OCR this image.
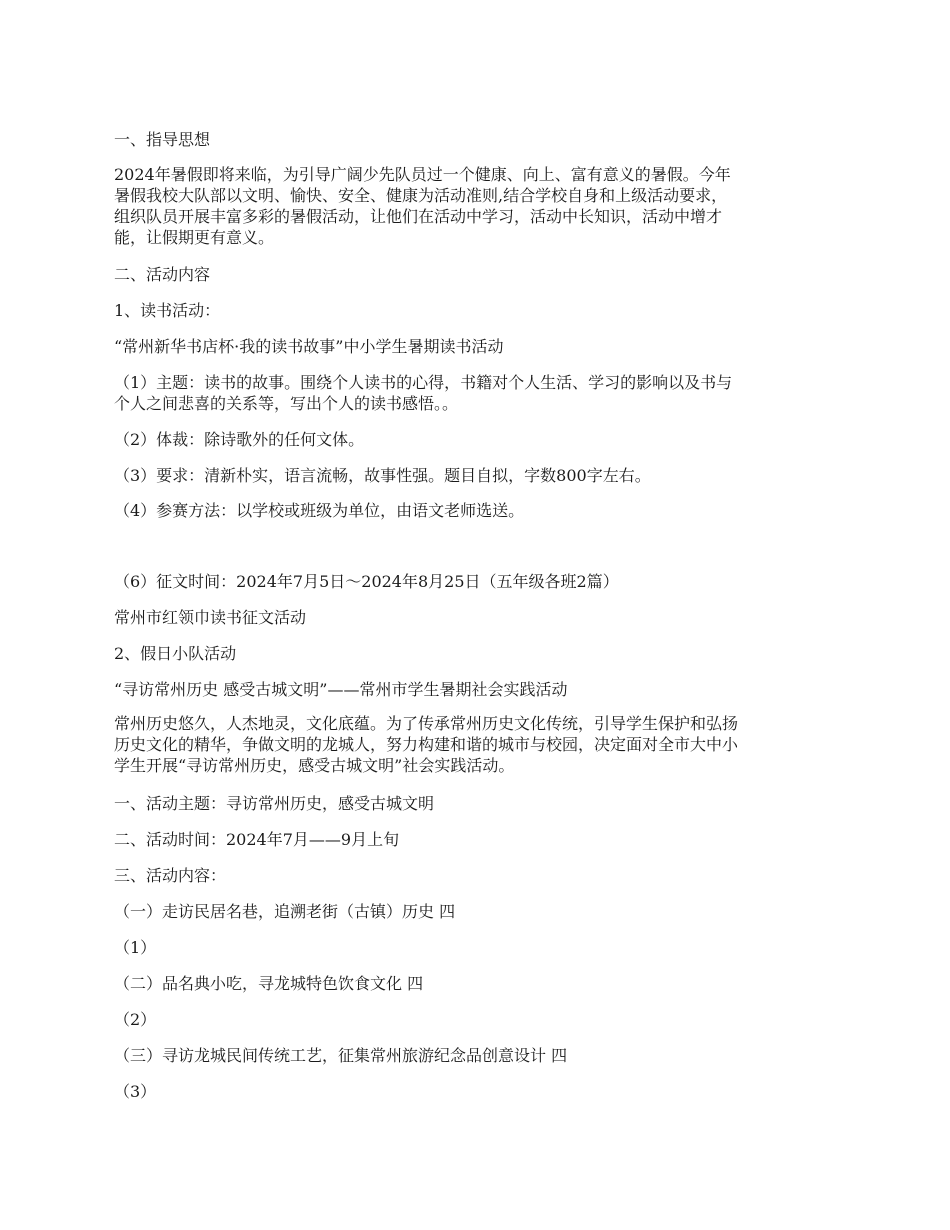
一、指导思想
2024年暑假即将来临，为引导广阔少先队员过一个健康、向上、富有意义的暑假。今年
暑假我校大队部以文明、愉快、安全、健康为活动准则,结合学校自身和上级活动要求，
组织队员开展丰富多彩的暑假活动，让他们在活动中学习，活动中长知识，活动中增才
能，让假期更有意义。
二、活动内容
1、读书活动：
“常州新华书店杯·我的读书故事”中小学生暑期读书活动
（1）主题：读书的故事。围绕个人读书的心得，书籍对个人生活、学习的影响以及书与
个人之间悲喜的关系等，写出个人的读书感悟。。
（2）体裁：除诗歌外的任何文体。
（3）要求：清新朴实，语言流畅，故事性强。题目自拟，字数800字左右。
（4）参赛方法：以学校或班级为单位，由语文老师选送。
（6）征文时间：2024年7月5日～2024年8月25日（五年级各班2篇）
常州市红领巾读书征文活动
2、假日小队活动
“寻访常州历史 感受古城文明”——常州市学生暑期社会实践活动
常州历史悠久，人杰地灵，文化底蕴。为了传承常州历史文化传统，引导学生保护和弘扬
历史文化的精华，争做文明的龙城人，努力构建和谐的城市与校园，决定面对全市大中小
学生开展“寻访常州历史，感受古城文明”社会实践活动。
一、活动主题：寻访常州历史，感受古城文明
二、活动时间：2024年7月——9月上旬
三、活动内容：
（一）走访民居名巷，追溯老街（古镇）历史 四
（1）
（二）品名典小吃，寻龙城特色饮食文化 四
（2）
（三）寻访龙城民间传统工艺，征集常州旅游纪念品创意设计 四
（3）
